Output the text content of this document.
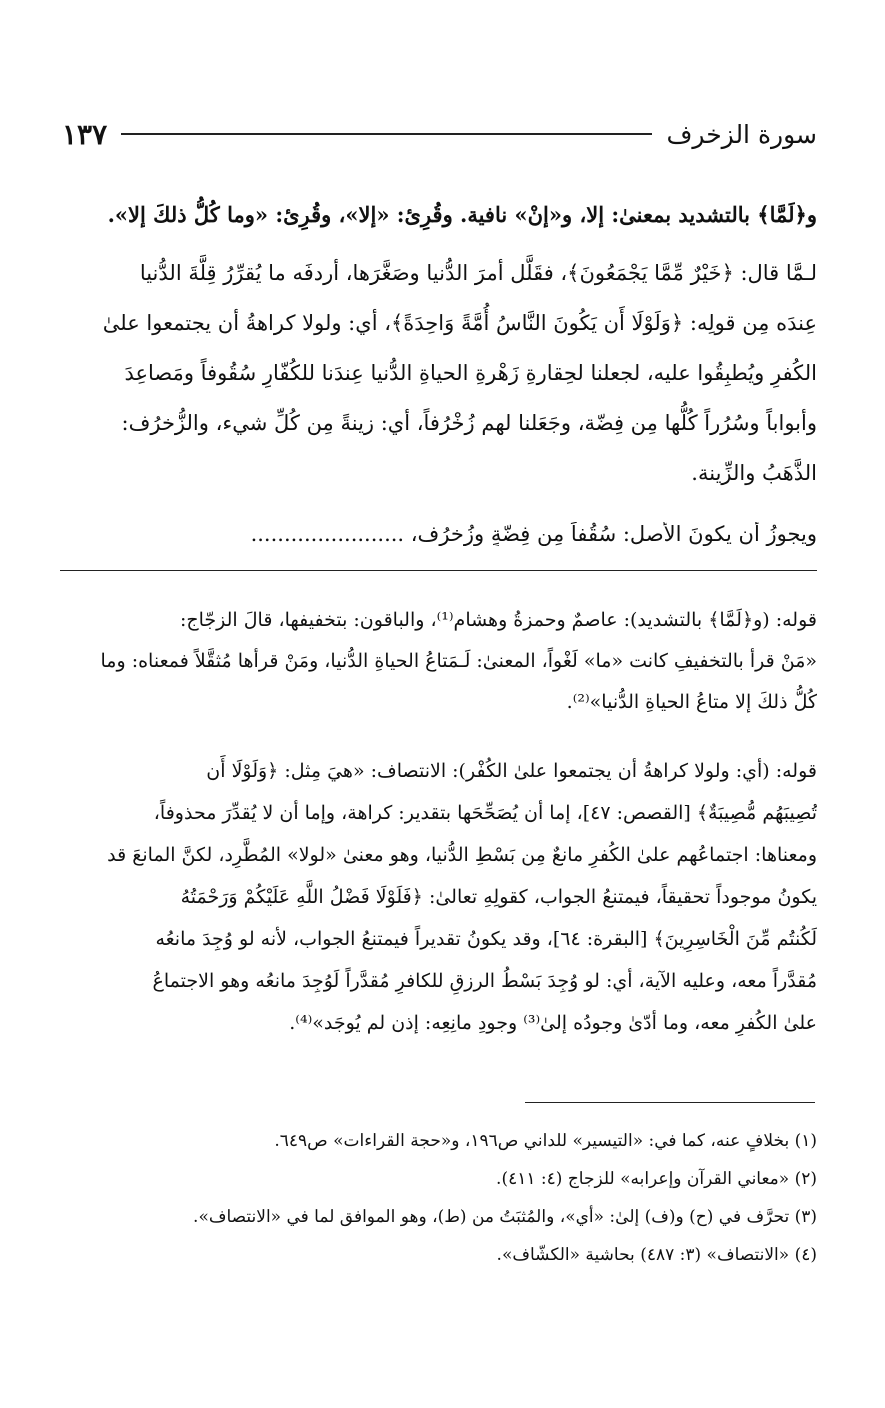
سورة الزخرف
١٣٧
و﴿لَمَّا﴾ بالتشديد بمعنىٰ: إلا، و«إنْ» نافية. وقُرِئ: «إلا»، وقُرِئ: «وما كُلُّ ذلكَ إلا».
لـمَّا قال: ﴿خَيْرٌ مِّمَّا يَجْمَعُونَ﴾، فقَلَّل أمرَ الدُّنيا وصَغَّرَها، أردفَه ما يُقرِّرُ قِلَّةَ الدُّنيا
عِندَه مِن قولِه: ﴿وَلَوْلَا أَن يَكُونَ النَّاسُ أُمَّةً وَاحِدَةً﴾، أي: ولولا كراهةُ أن يجتمعوا علىٰ
الكُفرِ ويُطبِقُوا عليه، لجعلنا لحِقارةِ زَهْرةِ الحياةِ الدُّنيا عِندَنا للكُفّارِ سُقُوفاً ومَصاعِدَ
وأبواباً وسُرُراً كُلُّها مِن فِضّة، وجَعَلنا لهم زُخْرُفاً، أي: زينةً مِن كُلِّ شيء، والزُّخرُف:
الذَّهَبُ والزِّينة.
ويجوزُ أن يكونَ الأصل: سُقُفاً مِن فِضّةٍ وزُخرُف، .......................
قوله: (و﴿لَمَّا﴾ بالتشديد): عاصمٌ وحمزةُ وهشام⁽¹⁾، والباقون: بتخفيفها، قالَ الزجّاج:
«مَنْ قرأ بالتخفيفِ كانت «ما» لَغْواً، المعنىٰ: لَـمَتاعُ الحياةِ الدُّنيا، ومَنْ قرأها مُثقَّلاً فمعناه: وما
كُلُّ ذلكَ إلا متاعُ الحياةِ الدُّنيا»⁽²⁾.
قوله: (أي: ولولا كراهةُ أن يجتمعوا علىٰ الكُفْر): الانتصاف: «هيَ مِثل: ﴿وَلَوْلَا أَن
تُصِيبَهُم مُّصِيبَةٌ﴾ [القصص: ٤٧]، إما أن يُصَحِّحَها بتقدير: كراهة، وإما أن لا يُقدِّرَ محذوفاً،
ومعناها: اجتماعُهم علىٰ الكُفرِ مانعٌ مِن بَسْطِ الدُّنيا، وهو معنىٰ «لولا» المُطَّرِد، لكنَّ المانعَ قد
يكونُ موجوداً تحقيقاً، فيمتنعُ الجواب، كقولِهِ تعالىٰ: ﴿فَلَوْلَا فَضْلُ اللَّهِ عَلَيْكُمْ وَرَحْمَتُهُ
لَكُنتُم مِّنَ الْخَاسِرِينَ﴾ [البقرة: ٦٤]، وقد يكونُ تقديراً فيمتنعُ الجواب، لأنه لو وُجِدَ مانعُه
مُقدَّراً معه، وعليه الآية، أي: لو وُجِدَ بَسْطُ الرزقِ للكافرِ مُقدَّراً لَوُجِدَ مانعُه وهو الاجتماعُ
علىٰ الكُفرِ معه، وما أدّىٰ وجودُه إلىٰ⁽³⁾ وجودِ مانِعِه: إذن لم يُوجَد»⁽⁴⁾.
(١) بخلافٍ عنه، كما في: «التيسير» للداني ص١٩٦، و«حجة القراءات» ص٦٤٩.
(٢) «معاني القرآن وإعرابه» للزجاج (٤: ٤١١).
(٣) تحرَّف في (ح) و(ف) إلىٰ: «أي»، والمُثبَتُ من (ط)، وهو الموافق لما في «الانتصاف».
(٤) «الانتصاف» (٣: ٤٨٧) بحاشية «الكشّاف».
